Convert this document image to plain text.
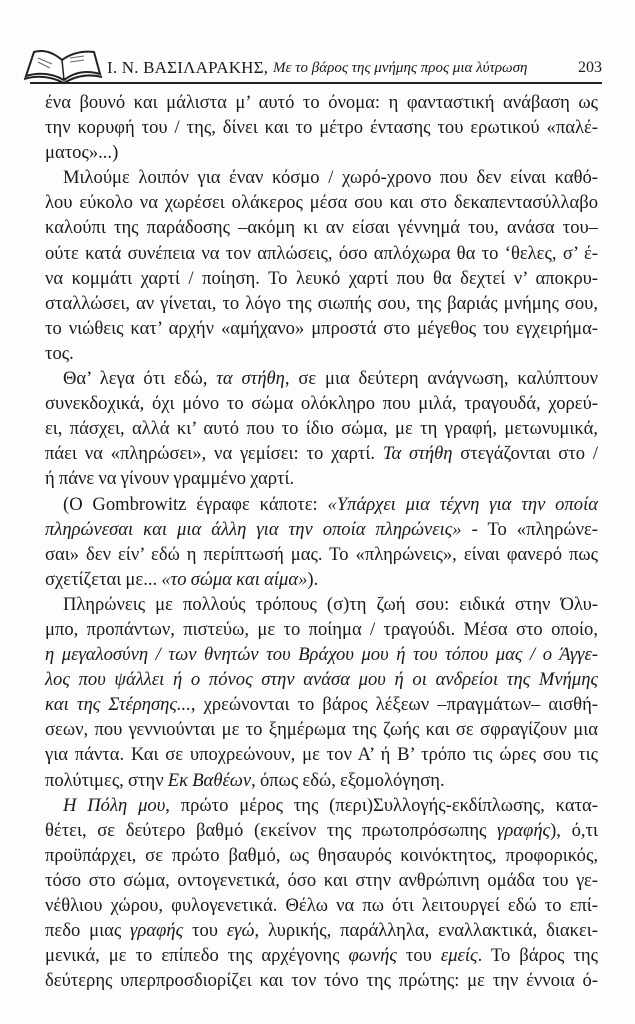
Ι. Ν. ΒΑΣΙΛΑΡΑΚΗΣ, Με το βάρος της μνήμης προς μια λύτρωση	203
ένα βουνό και μάλιστα μ’ αυτό το όνομα: η φανταστική ανάβαση ως
την κορυφή του / της, δίνει και το μέτρο έντασης του ερωτικού «παλέ-
ματος»...)
Μιλούμε λοιπόν για έναν κόσμο / χωρό-χρονο που δεν είναι καθό-
λου εύκολο να χωρέσει ολάκερος μέσα σου και στο δεκαπεντασύλλαβο
καλούπι της παράδοσης –ακόμη κι αν είσαι γέννημά του, ανάσα του–
ούτε κατά συνέπεια να τον απλώσεις, όσο απλόχωρα θα το ‘θελες, σ’ έ-
να κομμάτι χαρτί / ποίηση. Το λευκό χαρτί που θα δεχτεί ν’ αποκρυ-
σταλλώσει, αν γίνεται, το λόγο της σιωπής σου, της βαριάς μνήμης σου,
το νιώθεις κατ’ αρχήν «αμήχανο» μπροστά στο μέγεθος του εγχειρήμα-
τος.
Θα’ λεγα ότι εδώ, τα στήθη, σε μια δεύτερη ανάγνωση, καλύπτουν
συνεκδοχικά, όχι μόνο το σώμα ολόκληρο που μιλά, τραγουδά, χορεύ-
ει, πάσχει, αλλά κι’ αυτό που το ίδιο σώμα, με τη γραφή, μετωνυμικά,
πάει να «πληρώσει», να γεμίσει: το χαρτί. Τα στήθη στεγάζονται στο /
ή πάνε να γίνουν γραμμένο χαρτί.
(Ο Gombrowitz έγραφε κάποτε: «Υπάρχει μια τέχνη για την οποία
πληρώνεσαι και μια άλλη για την οποία πληρώνεις» - Το «πληρώνε-
σαι» δεν είν’ εδώ η περίπτωσή μας. Το «πληρώνεις», είναι φανερό πως
σχετίζεται με... «το σώμα και αίμα»).
Πληρώνεις με πολλούς τρόπους (σ)τη ζωή σου: ειδικά στην Όλυ-
μπο, προπάντων, πιστεύω, με το ποίημα / τραγούδι. Μέσα στο οποίο,
η μεγαλοσύνη / των θνητών του Βράχου μου ή του τόπου μας / ο Άγγε-
λος που ψάλλει ή ο πόνος στην ανάσα μου ή οι ανδρείοι της Μνήμης
και της Στέρησης..., χρεώνονται το βάρος λέξεων –πραγμάτων– αισθή-
σεων, που γεννιούνται με το ξημέρωμα της ζωής και σε σφραγίζουν μια
για πάντα. Και σε υποχρεώνουν, με τον Α’ ή Β’ τρόπο τις ώρες σου τις
πολύτιμες, στην Εκ Βαθέων, όπως εδώ, εξομολόγηση.
Η Πόλη μου, πρώτο μέρος της (περι)Συλλογής-εκδίπλωσης, κατα-
θέτει, σε δεύτερο βαθμό (εκείνον της πρωτοπρόσωπης γραφής), ό,τι
προϋπάρχει, σε πρώτο βαθμό, ως θησαυρός κοινόκτητος, προφορικός,
τόσο στο σώμα, οντογενετικά, όσο και στην ανθρώπινη ομάδα του γε-
νέθλιου χώρου, φυλογενετικά. Θέλω να πω ότι λειτουργεί εδώ το επί-
πεδο μιας γραφής του εγώ, λυρικής, παράλληλα, εναλλακτικά, διακει-
μενικά, με το επίπεδο της αρχέγονης φωνής του εμείς. Το βάρος της
δεύτερης υπερπροσδιορίζει και τον τόνο της πρώτης: με την έννοια ό-
